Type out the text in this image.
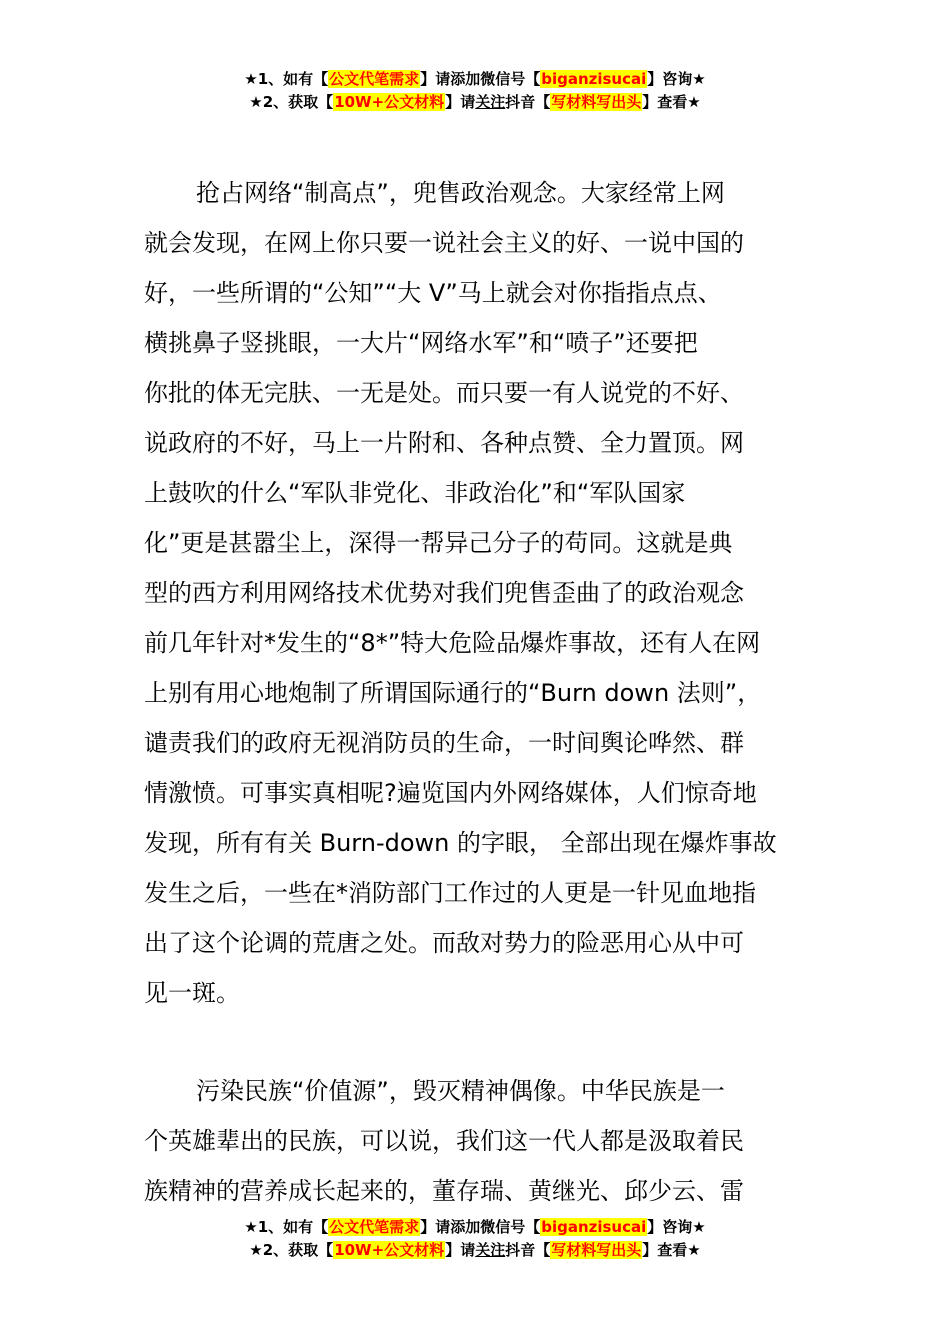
★1、如有【公文代笔需求】请添加微信号【biganzisucai】咨询★
★2、获取【10W+公文材料】请关注抖音【写材料写出头】查看★
抢占网络“制高点”，兜售政治观念。大家经常上网
就会发现，在网上你只要一说社会主义的好、一说中国的
好，一些所谓的“公知”“大 V”马上就会对你指指点点、
横挑鼻子竖挑眼，一大片“网络水军”和“喷子”还要把
你批的体无完肤、一无是处。而只要一有人说党的不好、
说政府的不好，马上一片附和、各种点赞、全力置顶。网
上鼓吹的什么“军队非党化、非政治化”和“军队国家
化”更是甚嚣尘上，深得一帮异己分子的苟同。这就是典
型的西方利用网络技术优势对我们兜售歪曲了的政治观念
前几年针对*发生的“8*”特大危险品爆炸事故，还有人在网
上别有用心地炮制了所谓国际通行的“Burn down 法则”，
谴责我们的政府无视消防员的生命，一时间舆论哗然、群
情激愤。可事实真相呢?遍览国内外网络媒体，人们惊奇地
发现，所有有关 Burn-down 的字眼， 全部出现在爆炸事故
发生之后，一些在*消防部门工作过的人更是一针见血地指
出了这个论调的荒唐之处。而敌对势力的险恶用心从中可
见一斑。
污染民族“价值源”，毁灭精神偶像。中华民族是一
个英雄辈出的民族，可以说，我们这一代人都是汲取着民
族精神的营养成长起来的，董存瑞、黄继光、邱少云、雷
★1、如有【公文代笔需求】请添加微信号【biganzisucai】咨询★
★2、获取【10W+公文材料】请关注抖音【写材料写出头】查看★
